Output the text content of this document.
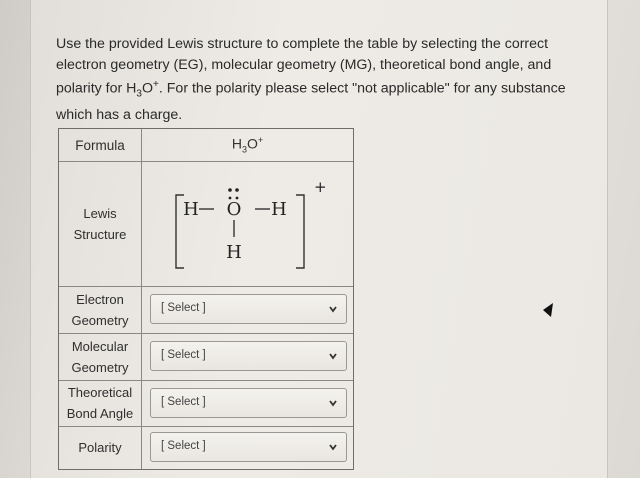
Use the provided Lewis structure to complete the table by selecting the correct
electron geometry (EG), molecular geometry (MG), theoretical bond angle, and
polarity for $H_3O^+$. For the polarity please select "not applicable" for any substance
which has a charge.
Formula	$H_3O^+$
Lewis
Structure
H O H
H
+
Electron
Geometry
[ Select ]
Molecular
Geometry
[ Select ]
Theoretical
Bond Angle
[ Select ]
Polarity	[ Select ]
